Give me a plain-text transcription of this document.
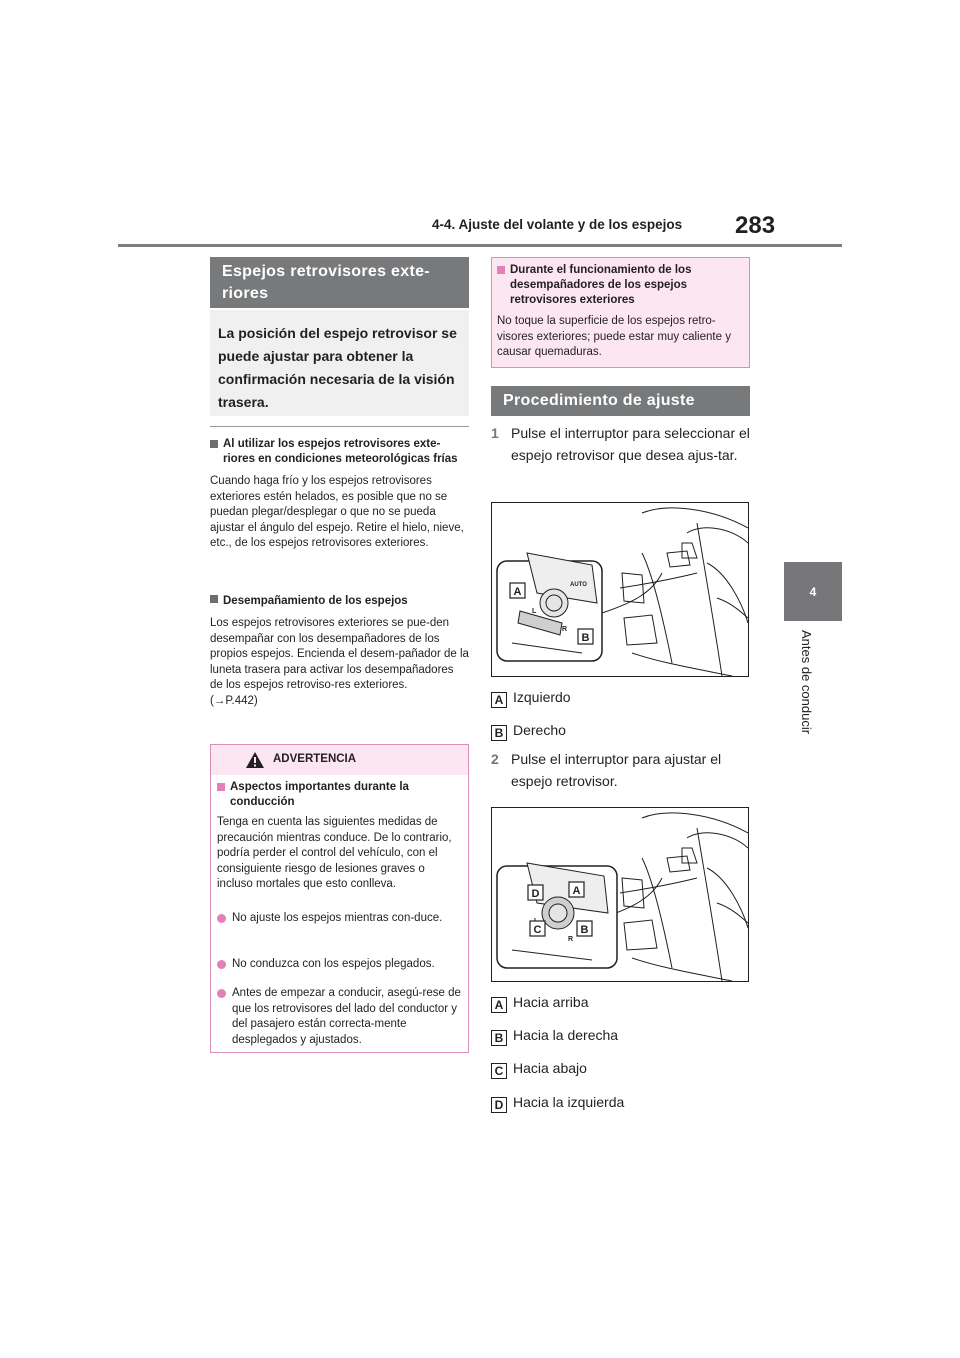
4-4. Ajuste del volante y de los espejos 283
4
Antes de conducir
Espejos retrovisores exte-riores
La posición del espejo retrovisor se puede ajustar para obtener la confirmación necesaria de la visión trasera.
Al utilizar los espejos retrovisores exte-riores en condiciones meteorológicas frías
Cuando haga frío y los espejos retrovisores exteriores estén helados, es posible que no se puedan plegar/desplegar o que no se pueda ajustar el ángulo del espejo. Retire el hielo, nieve, etc., de los espejos retrovisores exteriores.
Desempañamiento de los espejos
Los espejos retrovisores exteriores se pue-den desempañar con los desempañadores de los propios espejos. Encienda el desem-pañador de la luneta trasera para activar los desempañadores de los espejos retroviso-res exteriores.
(→P.442)
ADVERTENCIA
Aspectos importantes durante la conducción
Tenga en cuenta las siguientes medidas de precaución mientras conduce. De lo contrario, podría perder el control del vehículo, con el consiguiente riesgo de lesiones graves o incluso mortales que esto conlleva.
No ajuste los espejos mientras con-duce.
No conduzca con los espejos plegados.
Antes de empezar a conducir, asegú-rese de que los retrovisores del lado del conductor y del pasajero están correcta-mente desplegados y ajustados.
Durante el funcionamiento de los desempañadores de los espejos retrovisores exteriores
No toque la superficie de los espejos retro-visores exteriores; puede estar muy caliente y causar quemaduras.
Procedimiento de ajuste
1 Pulse el interruptor para seleccionar el espejo retrovisor que desea ajus-tar.
AUTO
L
R
A
B
A Izquierdo
B Derecho
2 Pulse el interruptor para ajustar el espejo retrovisor.
R
D	A
C	B
A Hacia arriba
B Hacia la derecha
C Hacia abajo
D Hacia la izquierda
